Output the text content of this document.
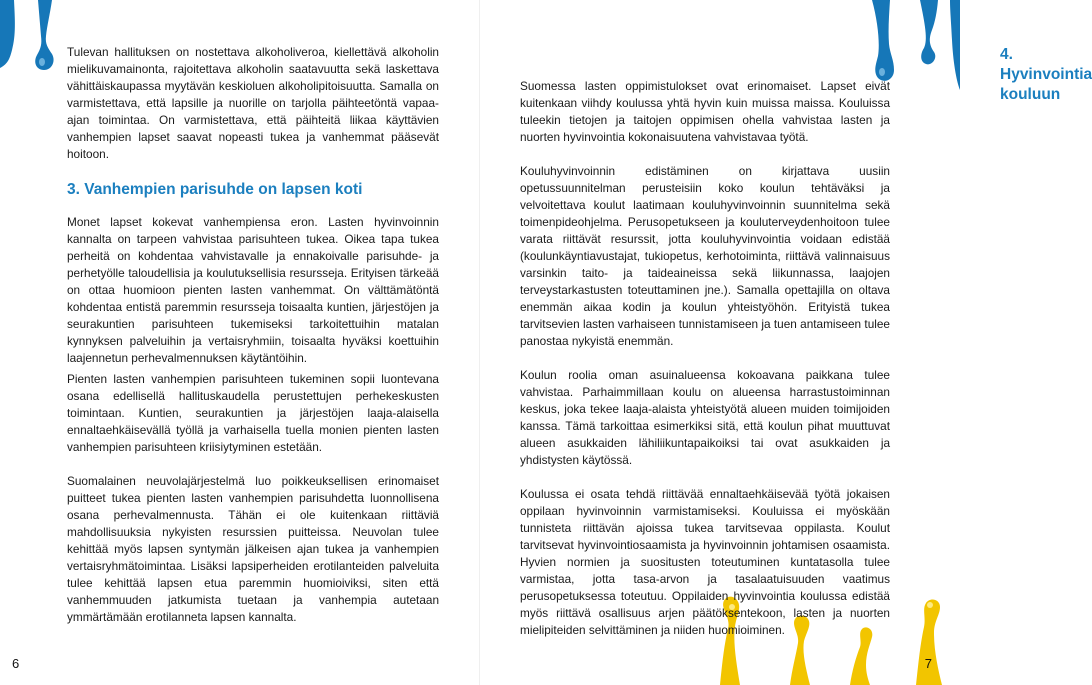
Tulevan hallituksen on nostettava alkoholiveroa, kiellettävä alkoholin mielikuvamainonta, rajoitettava alkoholin saatavuutta sekä laskettava vähittäiskaupassa myytävän keskioluen alkoholipitoisuutta. Samalla on varmistettava, että lapsille ja nuorille on tarjolla päihteetöntä vapaa-ajan toimintaa. On varmistettava, että päihteitä liikaa käyttävien vanhempien lapset saavat nopeasti tukea ja vanhemmat pääsevät hoitoon.

3. Vanhempien parisuhde on lapsen koti

Monet lapset kokevat vanhempiensa eron. Lasten hyvinvoinnin kannalta on tarpeen vahvistaa parisuhteen tukea. Oikea tapa tukea perheitä on kohdentaa vahvistavalle ja ennakoivalle parisuhde- ja perhetyölle taloudellisia ja koulutuksellisia resursseja. Erityisen tärkeää on ottaa huomioon pienten lasten vanhemmat. On välttämätöntä kohdentaa entistä paremmin resursseja toisaalta kuntien, järjestöjen ja seurakuntien parisuhteen tukemiseksi tarkoitettuihin matalan kynnyksen palveluihin ja vertaisryhmiin, toisaalta hyväksi koettuihin laajennetun perhevalmennuksen käytäntöihin.

Pienten lasten vanhempien parisuhteen tukeminen sopii luontevana osana edellisellä hallituskaudella perustettujen perhekeskusten toimintaan. Kuntien, seurakuntien ja järjestöjen laaja-alaisella ennaltaehkäisevällä työllä ja varhaisella tuella monien pienten lasten vanhempien parisuhteen kriisiytyminen estetään.

Suomalainen neuvolajärjestelmä luo poikkeuksellisen erinomaiset puitteet tukea pienten lasten vanhempien parisuhdetta luonnollisena osana perhevalmennusta. Tähän ei ole kuitenkaan riittäviä mahdollisuuksia nykyisten resurssien puitteissa. Neuvolan tulee kehittää myös lapsen syntymän jälkeisen ajan tukea ja vanhempien vertaisryhmätoimintaa. Lisäksi lapsiperheiden erotilanteiden palveluita tulee kehittää lapsen etua paremmin huomioiviksi, siten että vanhemmuuden jatkumista tuetaan ja vanhempia autetaan ymmärtämään erotilanneta lapsen kannalta.

6
4. Hyvinvointia kouluun
7

Suomessa lasten oppimistulokset ovat erinomaiset. Lapset eivät kuitenkaan viihdy koulussa yhtä hyvin kuin muissa maissa. Kouluissa tuleekin tietojen ja taitojen oppimisen ohella vahvistaa lasten ja nuorten hyvinvointia kokonaisuutena vahvistavaa työtä.

Kouluhyvinvoinnin edistäminen on kirjattava uusiin opetussuunnitelman perusteisiin koko koulun tehtäväksi ja velvoitettava koulut laatimaan kouluhyvinvoinnin suunnitelma sekä toimenpideohjelma. Perusopetukseen ja kouluterveydenhoitoon tulee varata riittävät resurssit, jotta kouluhyvinvointia voidaan edistää (koulunkäyntiavustajat, tukiopetus, kerhotoiminta, riittävä valinnaisuus varsinkin taito- ja taideaineissa sekä liikunnassa, laajojen terveystarkastusten toteuttaminen jne.). Samalla opettajilla on oltava enemmän aikaa kodin ja koulun yhteistyöhön. Erityistä tukea tarvitsevien lasten varhaiseen tunnistamiseen ja tuen antamiseen tulee panostaa nykyistä enemmän.

Koulun roolia oman asuinalueensa kokoavana paikkana tulee vahvistaa. Parhaimmillaan koulu on alueensa harrastustoiminnan keskus, joka tekee laaja-alaista yhteistyötä alueen muiden toimijoiden kanssa. Tämä tarkoittaa esimerkiksi sitä, että koulun pihat muuttuvat alueen asukkaiden lähiliikuntapaikoiksi tai ovat asukkaiden ja yhdistysten käytössä.

Koulussa ei osata tehdä riittävää ennaltaehkäisevää työtä jokaisen oppilaan hyvinvoinnin varmistamiseksi. Kouluissa ei myöskään tunnisteta riittävän ajoissa tukea tarvitsevaa oppilasta. Koulut tarvitsevat hyvinvointiosaamista ja hyvinvoinnin johtamisen osaamista. Hyvien normien ja suositusten toteutuminen kuntatasolla tulee varmistaa, jotta tasa-arvon ja tasalaatuisuuden vaatimus perusopetuksessa toteutuu. Oppilaiden hyvinvointia koulussa edistää myös riittävä osallisuus arjen päätöksentekoon, lasten ja nuorten mielipiteiden selvittäminen ja niiden huomioiminen.
